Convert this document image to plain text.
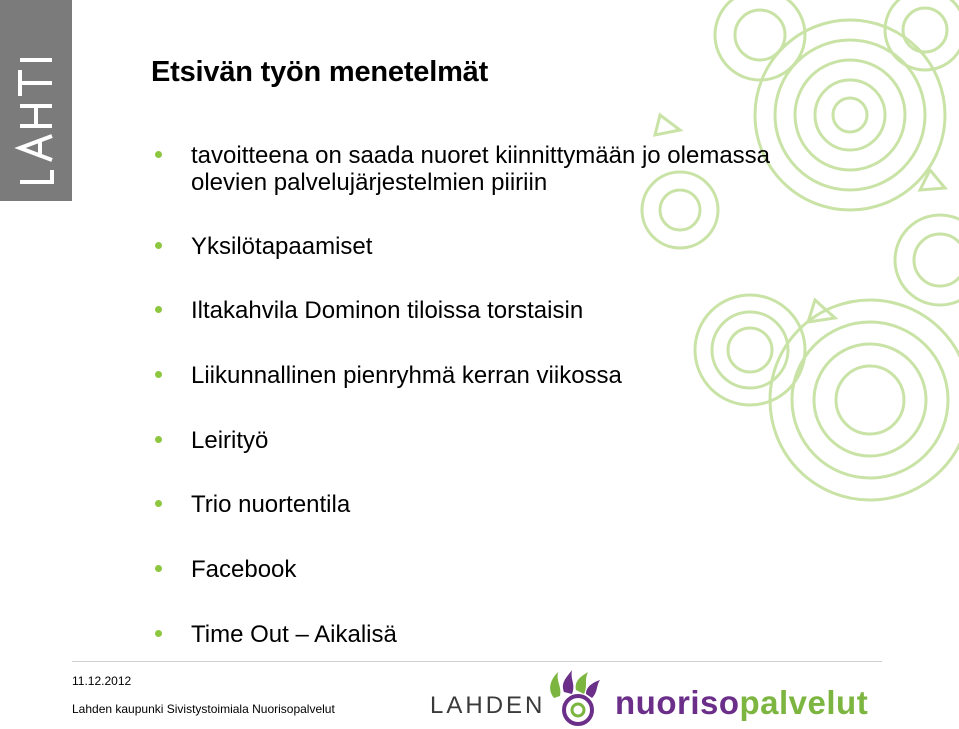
LAHTI
Etsivän työn menetelmät
tavoitteena on saada nuoret kiinnittymään jo olemassa
olevien palvelujärjestelmien piiriin
Yksilötapaamiset
Iltakahvila Dominon tiloissa torstaisin
Liikunnallinen pienryhmä kerran viikossa
Leirityö
Trio nuortentila
Facebook
Time Out – Aikalisä
11.12.2012
Lahden kaupunki Sivistystoimiala Nuorisopalvelut	LAHDEN nuorisopalvelut
